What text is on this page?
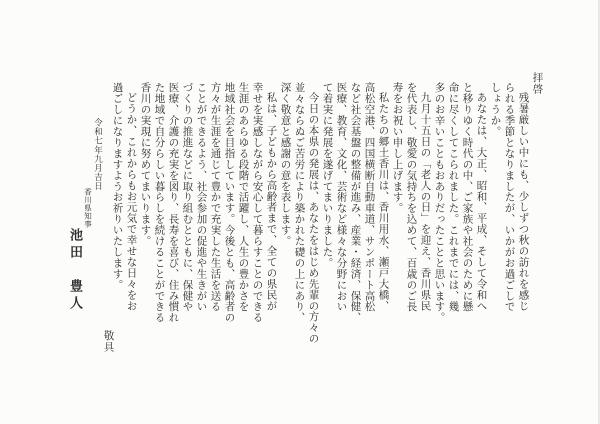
拝啓
残暑厳しい中にも、少しずつ秋の訪れを感じ
られる季節となりましたが、いかがお過ごしで
しょうか。
あなたは、大正、昭和、平成、そして令和へ
と移りゆく時代の中、ご家族や社会のために懸
命に尽くしてこられました。これまでには、幾
多のお辛いこともおありだったことと思います。
九月十五日の「老人の日」を迎え、香川県民
を代表し、敬愛の気持ちを込めて、百歳のご長
寿をお祝い申し上げます。
私たちの郷土香川は、香川用水、瀬戸大橋、
高松空港、四国横断自動車道、サンポート高松
など社会基盤の整備が進み、産業・経済、保健、
医療、教育、文化、芸術など様々な分野におい
て着実に発展を遂げてまいりました。
今日の本県の発展は、あなたをはじめ先輩の方々の
並々ならぬご苦労により築かれた礎の上にあり、
深く敬意と感謝の意を表します。
私は、子どもから高齢者まで、全ての県民が
幸せを実感しながら安心して暮らすことのできる
生涯のあらゆる段階で活躍し、人生の豊かさを
地域社会を目指しています。今後とも、高齢者の
方々が生涯を通じて豊かで充実した生活を送る
ことができるよう、社会参加の促進や生きがい
づくりの推進などに取り組むとともに、保健や
医療、介護の充実を図り、長寿を喜び、住み慣れ
た地域で自分らしい暮らしを続けることができる
香川の実現に努めてまいります。
どうか、これからもお元気で幸せな日々をお
過ごしになりますようお祈りいたします。
敬具
令和七年九月吉日
香川県知事
池田　豊人
